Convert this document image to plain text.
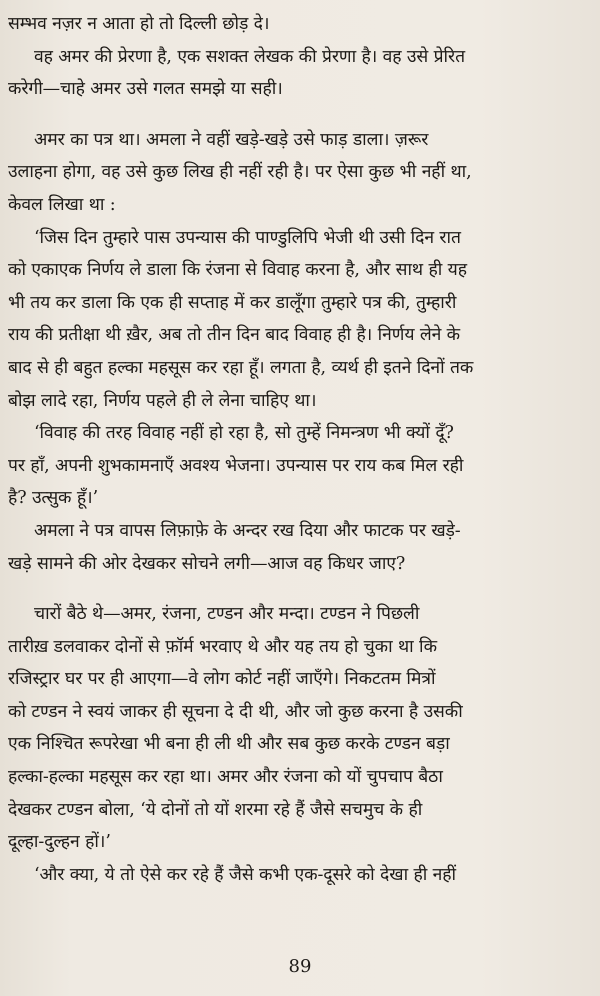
सम्भव नज़र न आता हो तो दिल्ली छोड़ दे।
वह अमर की प्रेरणा है, एक सशक्त लेखक की प्रेरणा है। वह उसे प्रेरित
करेगी—चाहे अमर उसे गलत समझे या सही।
अमर का पत्र था। अमला ने वहीं खड़े-खड़े उसे फाड़ डाला। ज़रूर
उलाहना होगा, वह उसे कुछ लिख ही नहीं रही है। पर ऐसा कुछ भी नहीं था,
केवल लिखा था :
‘जिस दिन तुम्हारे पास उपन्यास की पाण्डुलिपि भेजी थी उसी दिन रात
को एकाएक निर्णय ले डाला कि रंजना से विवाह करना है, और साथ ही यह
भी तय कर डाला कि एक ही सप्ताह में कर डालूँगा तुम्हारे पत्र की, तुम्हारी
राय की प्रतीक्षा थी ख़ैर, अब तो तीन दिन बाद विवाह ही है। निर्णय लेने के
बाद से ही बहुत हल्का महसूस कर रहा हूँ। लगता है, व्यर्थ ही इतने दिनों तक
बोझ लादे रहा, निर्णय पहले ही ले लेना चाहिए था।
‘विवाह की तरह विवाह नहीं हो रहा है, सो तुम्हें निमन्त्रण भी क्यों दूँ?
पर हाँ, अपनी शुभकामनाएँ अवश्य भेजना। उपन्यास पर राय कब मिल रही
है? उत्सुक हूँ।’
अमला ने पत्र वापस लिफ़ाफ़े के अन्दर रख दिया और फाटक पर खड़े-
खड़े सामने की ओर देखकर सोचने लगी—आज वह किधर जाए?
चारों बैठे थे—अमर, रंजना, टण्डन और मन्दा। टण्डन ने पिछली
तारीख़ डलवाकर दोनों से फ़ॉर्म भरवाए थे और यह तय हो चुका था कि
रजिस्ट्रार घर पर ही आएगा—वे लोग कोर्ट नहीं जाएँगे। निकटतम मित्रों
को टण्डन ने स्वयं जाकर ही सूचना दे दी थी, और जो कुछ करना है उसकी
एक निश्चित रूपरेखा भी बना ही ली थी और सब कुछ करके टण्डन बड़ा
हल्का-हल्का महसूस कर रहा था। अमर और रंजना को यों चुपचाप बैठा
देखकर टण्डन बोला, ‘ये दोनों तो यों शरमा रहे हैं जैसे सचमुच के ही
दूल्हा-दुल्हन हों।’
‘और क्या, ये तो ऐसे कर रहे हैं जैसे कभी एक-दूसरे को देखा ही नहीं
89
